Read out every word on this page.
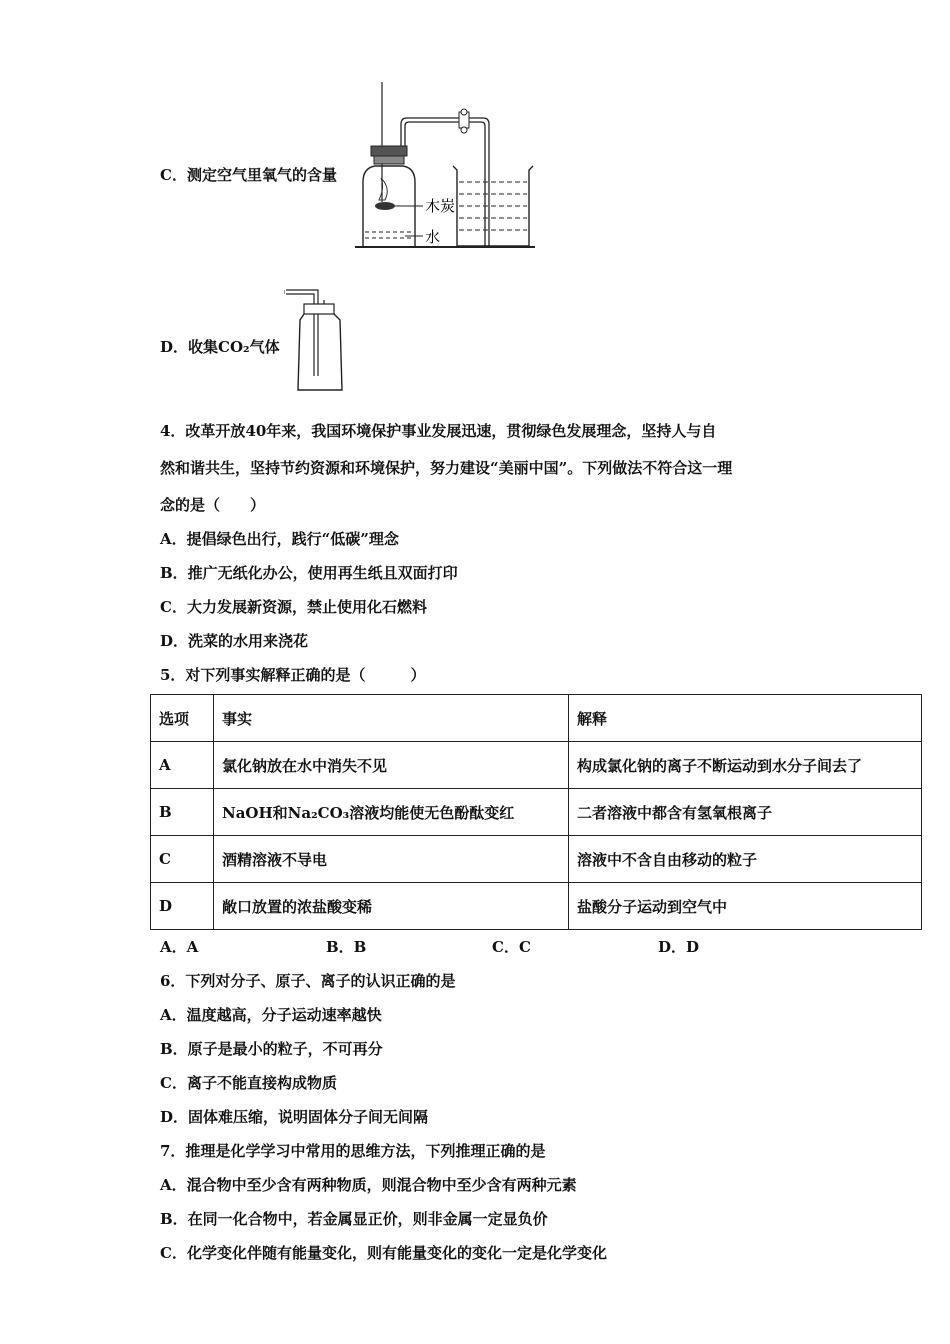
C．测定空气里氧气的含量
木炭
水
D．收集CO₂气体
4．改革开放40年来，我国环境保护事业发展迅速，贯彻绿色发展理念，坚持人与自
然和谐共生，坚持节约资源和环境保护，努力建设“美丽中国”。下列做法不符合这一理
念的是（　　）
A．提倡绿色出行，践行“低碳”理念
B．推广无纸化办公，使用再生纸且双面打印
C．大力发展新资源，禁止使用化石燃料
D．洗菜的水用来浇花
5．对下列事实解释正确的是（　　　）
选项	事实	解释
A	氯化钠放在水中消失不见	构成氯化钠的离子不断运动到水分子间去了
B	NaOH和Na₂CO₃溶液均能使无色酚酞变红	二者溶液中都含有氢氧根离子
C	酒精溶液不导电	溶液中不含自由移动的粒子
D	敞口放置的浓盐酸变稀	盐酸分子运动到空气中
A．A	B．B	C．C	D．D
6．下列对分子、原子、离子的认识正确的是
A．温度越高，分子运动速率越快
B．原子是最小的粒子，不可再分
C．离子不能直接构成物质
D．固体难压缩，说明固体分子间无间隔
7．推理是化学学习中常用的思维方法，下列推理正确的是
A．混合物中至少含有两种物质，则混合物中至少含有两种元素
B．在同一化合物中，若金属显正价，则非金属一定显负价
C．化学变化伴随有能量变化，则有能量变化的变化一定是化学变化
